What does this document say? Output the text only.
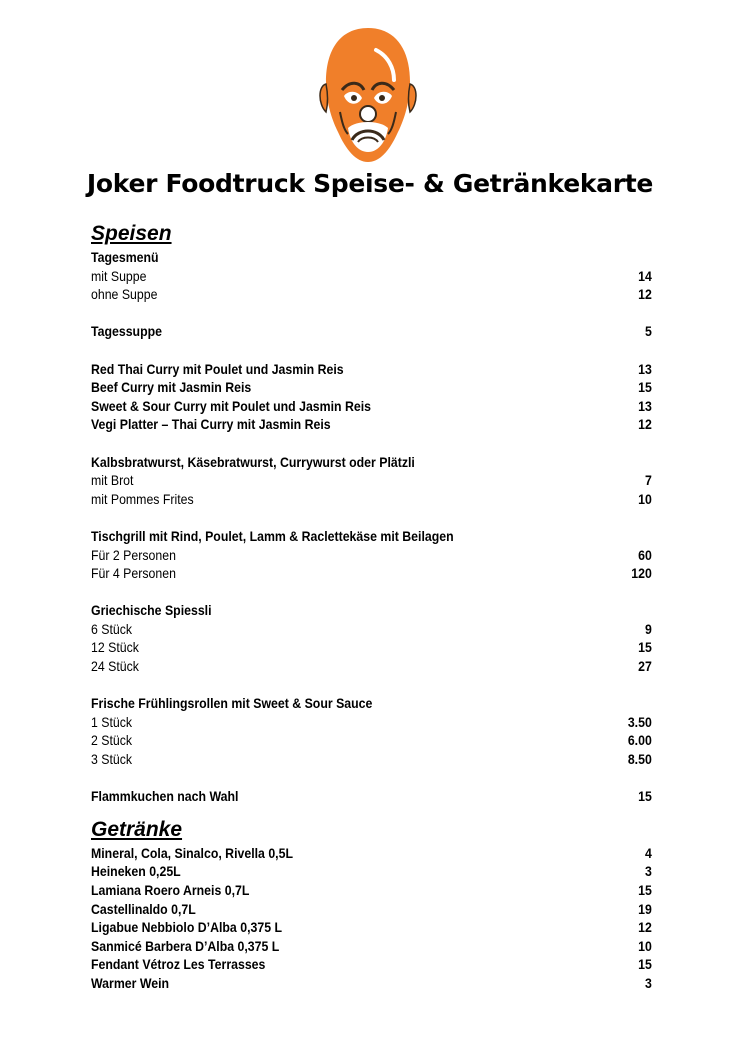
Joker Foodtruck Speise- & Getränkekarte
Speisen
Tagesmenü
mit Suppe	14
ohne Suppe	12
Tagessuppe	5
Red Thai Curry mit Poulet und Jasmin Reis	13
Beef Curry mit Jasmin Reis	15
Sweet & Sour Curry mit Poulet und Jasmin Reis	13
Vegi Platter – Thai Curry mit Jasmin Reis	12
Kalbsbratwurst, Käsebratwurst, Currywurst oder Plätzli
mit Brot	7
mit Pommes Frites	10
Tischgrill mit Rind, Poulet, Lamm & Raclettekäse mit Beilagen
Für 2 Personen	60
Für 4 Personen	120
Griechische Spiessli
6 Stück	9
12 Stück	15
24 Stück	27
Frische Frühlingsrollen mit Sweet & Sour Sauce
1 Stück	3.50
2 Stück	6.00
3 Stück	8.50
Flammkuchen nach Wahl	15
Getränke
Mineral, Cola, Sinalco, Rivella 0,5L	4
Heineken 0,25L	3
Lamiana Roero Arneis 0,7L	15
Castellinaldo 0,7L	19
Ligabue Nebbiolo D’Alba 0,375 L	12
Sanmicé Barbera D’Alba 0,375 L	10
Fendant Vétroz Les Terrasses	15
Warmer Wein	3
